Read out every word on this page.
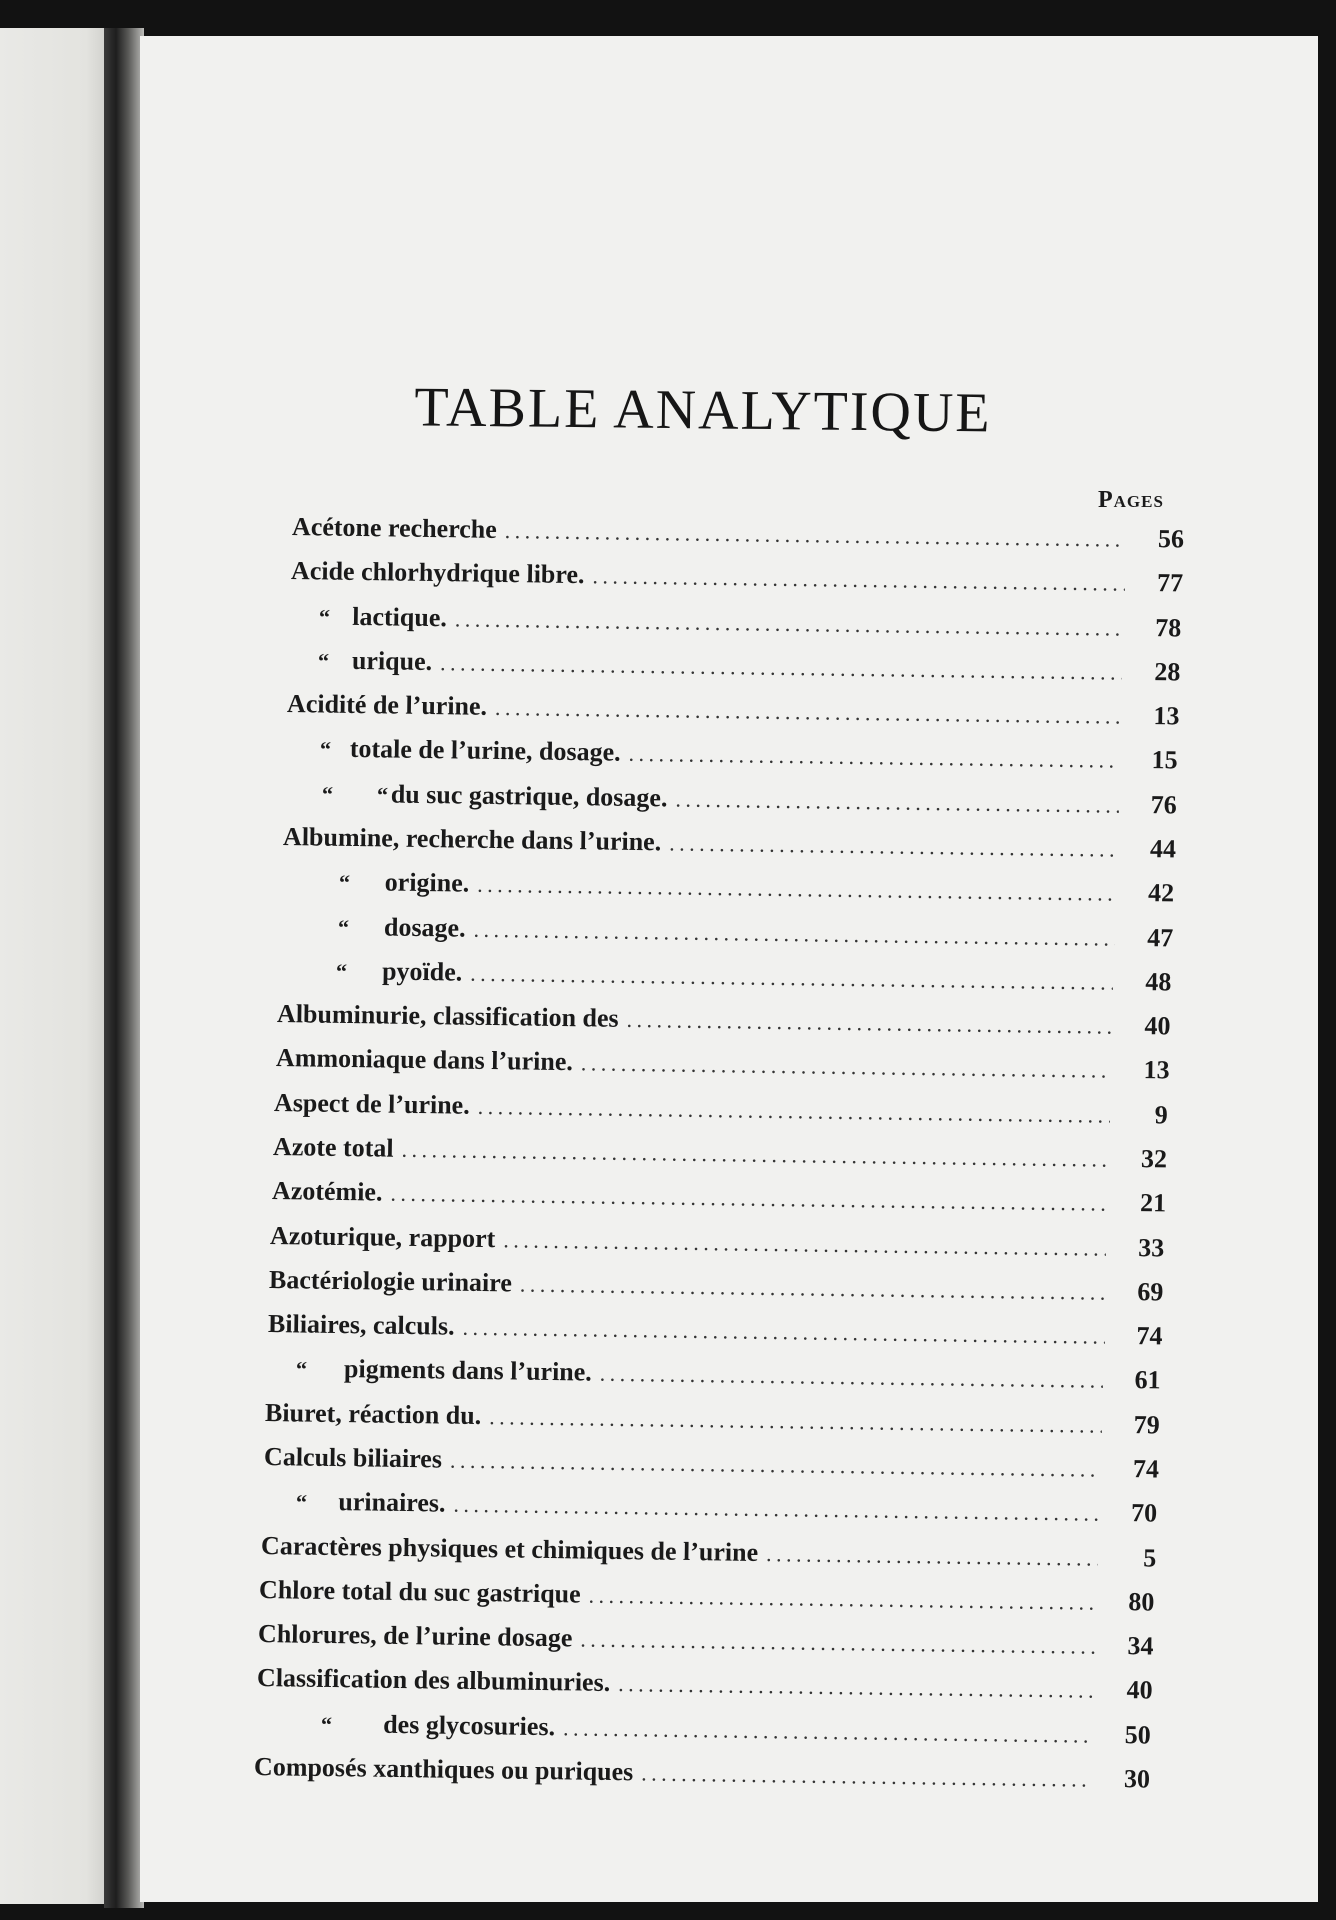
TABLE ANALYTIQUE
Pages
Acétone recherche . . .	56
Acide chlorhydrique libre. . . .	77
“ lactique. . . .	78
“ urique. . . .	28
Acidité de l’urine. . . .	13
“ totale de l’urine, dosage. . . .	15
“        “ du suc gastrique, dosage. . . .	76
Albumine, recherche dans l’urine. . . .	44
“	origine. . . .	42
“	dosage. . . .	47
“	pyoïde. . . .	48
Albuminurie, classification des . . .	40
Ammoniaque dans l’urine. . . .	13
Aspect de l’urine. . . .	9
Azote total . . .	32
Azotémie. . . .	21
Azoturique, rapport . . .	33
Bactériologie urinaire . . .	69
Biliaires, calculs. . . .	74
“	pigments dans l’urine. . . .	61
Biuret, réaction du. . . .	79
Calculs biliaires . . .	74
“	urinaires. . . .	70
Caractères physiques et chimiques de l’urine . . .	5
Chlore total du suc gastrique . . .	80
Chlorures, de l’urine dosage . . .	34
Classification des albuminuries. . . .	40
“	des glycosuries. . . .	50
Composés xanthiques ou puriques . . .	30
